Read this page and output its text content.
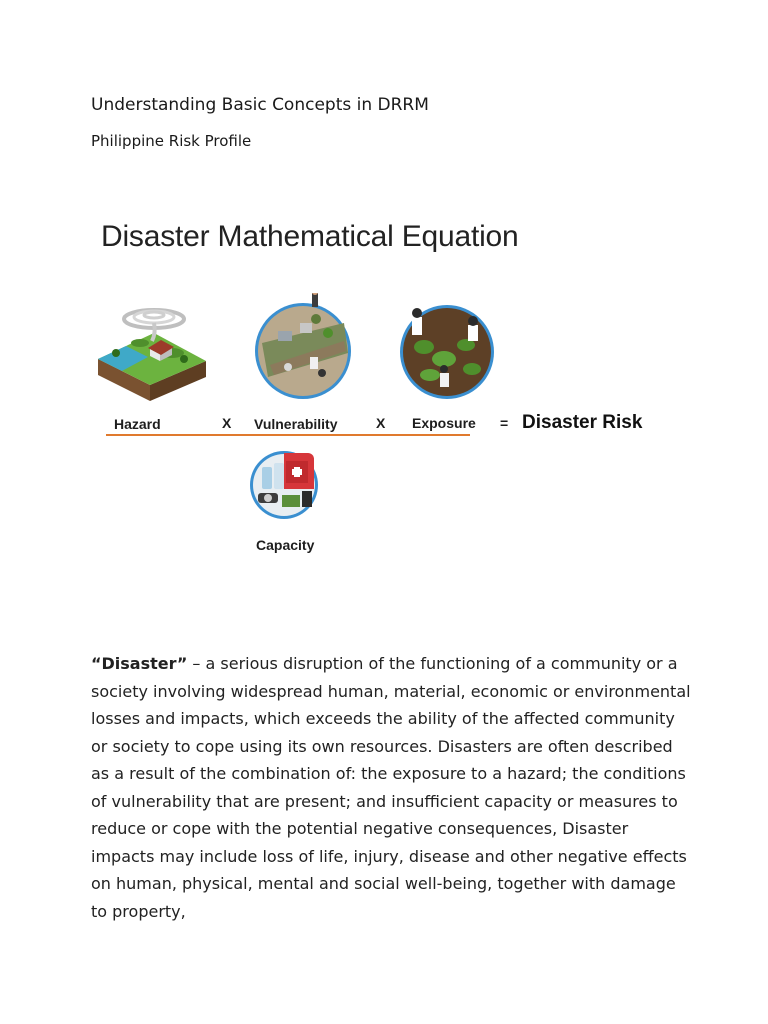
Understanding Basic Concepts in DRRM
Philippine Risk Profile
Disaster Mathematical Equation
Hazard	X Vulnerability	X Exposure = Disaster Risk
Capacity

“Disaster” – a serious disruption of the functioning of a community or a society involving widespread human, material, economic or environmental losses and impacts, which exceeds the ability of the affected community or society to cope using its own resources. Disasters are often described as a result of the combination of: the exposure to a hazard; the conditions of vulnerability that are present; and insufficient capacity or measures to reduce or cope with the potential negative consequences, Disaster impacts may include loss of life, injury, disease and other negative effects on human, physical, mental and social well-being, together with damage to property,
